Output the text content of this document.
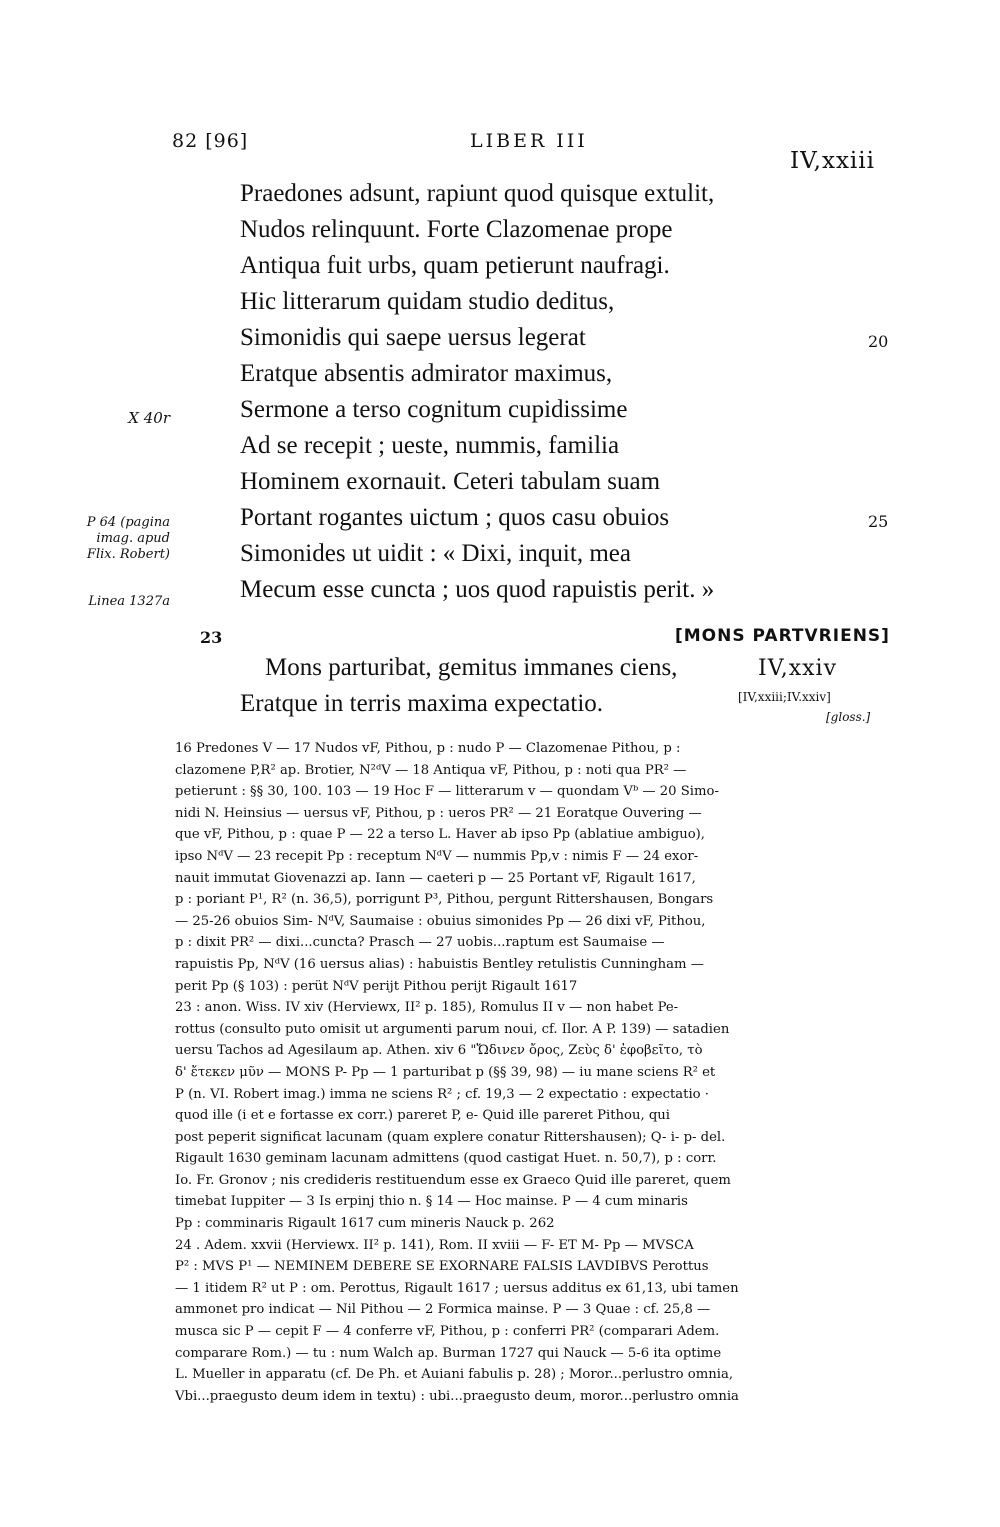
82 [96]	LIBER III
IV,xxiii
Praedones adsunt, rapiunt quod quisque extulit,
Nudos relinquunt. Forte Clazomenae prope
Antiqua fuit urbs, quam petierunt naufragi.
Hic litterarum quidam studio deditus,
Simonidis qui saepe uersus legerat	20
Eratque absentis admirator maximus,
Sermone a terso cognitum cupidissime
Ad se recepit ; ueste, nummis, familia
Hominem exornauit. Ceteri tabulam suam
Portant rogantes uictum ; quos casu obuios	25
Simonides ut uidit : « Dixi, inquit, mea
Mecum esse cuncta ; uos quod rapuistis perit. »
X 40r
P 64 (pagina
imag. apud
Flix. Robert)
Linea 1327a
23	[MONS PARTVRIENS]
Mons parturibat, gemitus immanes ciens,	IV,xxiv
Eratque in terris maxima expectatio.	[IV,xxiii;IV.xxiv]
[gloss.]
16 Predones V — 17 Nudos vF, Pithou, p : nudo P — Clazomenae Pithou, p :
clazomene P,R² ap. Brotier, N²ᵈV — 18 Antiqua vF, Pithou, p : noti qua PR² —
petierunt : §§ 30, 100. 103 — 19 Hoc F — litterarum v — quondam Vᵇ — 20 Simo-
nidi N. Heinsius — uersus vF, Pithou, p : ueros PR² — 21 Eoratque Ouvering —
que vF, Pithou, p : quae P — 22 a terso L. Haver ab ipso Pp (ablatiue ambiguo),
ipso NᵈV — 23 recepit Pp : receptum NᵈV — nummis Pp,v : nimis F — 24 exor-
nauit immutat Giovenazzi ap. Iann — caeteri p — 25 Portant vF, Rigault 1617,
p : poriant P¹, R² (n. 36,5), porrigunt P³, Pithou, pergunt Rittershausen, Bongars
— 25-26 obuios Sim- NᵈV, Saumaise : obuius simonides Pp — 26 dixi vF, Pithou,
p : dixit PR² — dixi...cuncta? Prasch — 27 uobis...raptum est Saumaise —
rapuistis Pp, NᵈV (16 uersus alias) : habuistis Bentley retulistis Cunningham —
perit Pp (§ 103) : perüt NᵈV perijt Pithou perijt Rigault 1617
23 : anon. Wiss. IV xiv (Herviewx, II² p. 185), Romulus II v — non habet Pe-
rottus (consulto puto omisit ut argumenti parum noui, cf. Ilor. A P. 139) — satadien
uersu Tachos ad Agesilaum ap. Athen. xiv 6 "Ὤδινεν ὄρος, Ζεὺς δ' ἐφοβεῖτο, τὸ
δ' ἔτεκεν μῦν — MONS P- Pp — 1 parturibat p (§§ 39, 98) — iu mane sciens R² et
P (n. VI. Robert imag.) imma ne sciens R² ; cf. 19,3 — 2 expectatio : expectatio ·
quod ille (i et e fortasse ex corr.) pareret P, e- Quid ille pareret Pithou, qui
post peperit significat lacunam (quam explere conatur Rittershausen); Q- i- p- del.
Rigault 1630 geminam lacunam admittens (quod castigat Huet. n. 50,7), p : corr.
Io. Fr. Gronov ; nis credideris restituendum esse ex Graeco Quid ille pareret, quem
timebat Iuppiter — 3 Is erpinj thio n. § 14 — Hoc mainse. P — 4 cum minaris
Pp : comminaris Rigault 1617 cum mineris Nauck p. 262
24 . Adem. xxvii (Herviewx. II² p. 141), Rom. II xviii — F- ET M- Pp — MVSCA
P² : MVS P¹ — NEMINEM DEBERE SE EXORNARE FALSIS LAVDIBVS Perottus
— 1 itidem R² ut P : om. Perottus, Rigault 1617 ; uersus additus ex 61,13, ubi tamen
ammonet pro indicat — Nil Pithou — 2 Formica mainse. P — 3 Quae : cf. 25,8 —
musca sic P — cepit F — 4 conferre vF, Pithou, p : conferri PR² (comparari Adem.
comparare Rom.) — tu : num Walch ap. Burman 1727 qui Nauck — 5-6 ita optime
L. Mueller in apparatu (cf. De Ph. et Auiani fabulis p. 28) ; Moror...perlustro omnia,
Vbi...praegusto deum idem in textu) : ubi...praegusto deum, moror...perlustro omnia
